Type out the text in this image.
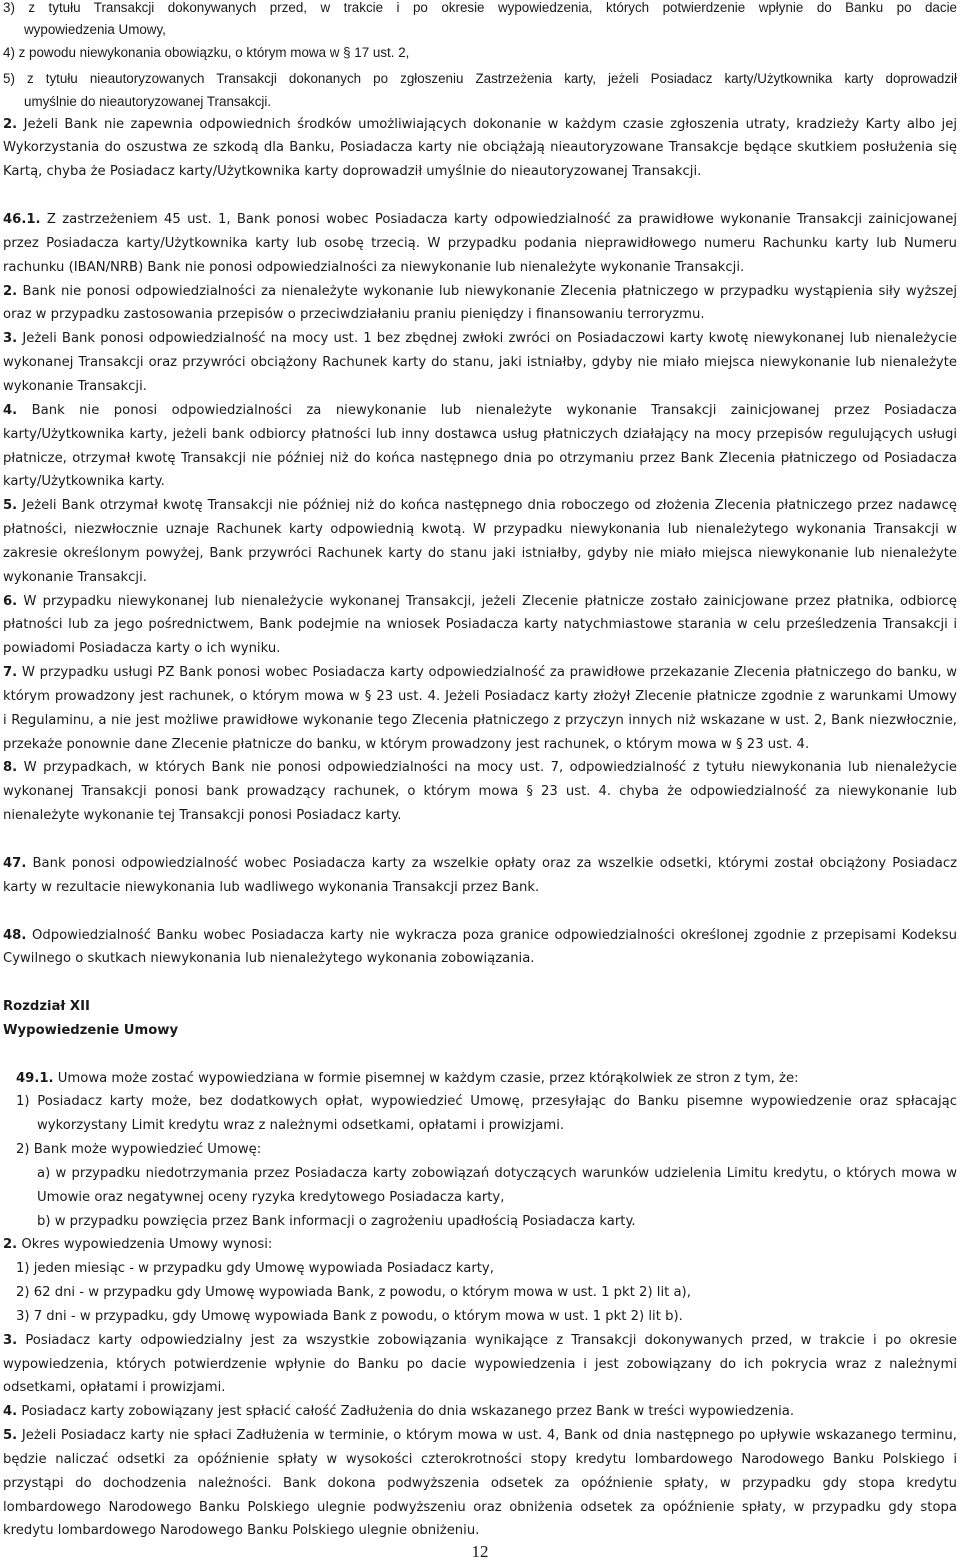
3) z tytułu Transakcji dokonywanych przed, w trakcie i po okresie wypowiedzenia, których potwierdzenie wpłynie do Banku po dacie
wypowiedzenia Umowy,
4) z powodu niewykonania obowiązku, o którym mowa w § 17 ust. 2,
5) z tytułu nieautoryzowanych Transakcji dokonanych po zgłoszeniu Zastrzeżenia karty, jeżeli Posiadacz karty/Użytkownika karty doprowadził
umyślnie do nieautoryzowanej Transakcji.
2. Jeżeli Bank nie zapewnia odpowiednich środków umożliwiających dokonanie w każdym czasie zgłoszenia utraty, kradzieży Karty albo jej
Wykorzystania do oszustwa ze szkodą dla Banku, Posiadacza karty nie obciążają nieautoryzowane Transakcje będące skutkiem posłużenia się
Kartą, chyba że Posiadacz karty/Użytkownika karty doprowadził umyślnie do nieautoryzowanej Transakcji.
46.1. Z zastrzeżeniem 45 ust. 1, Bank ponosi wobec Posiadacza karty odpowiedzialność za prawidłowe wykonanie Transakcji zainicjowanej
przez Posiadacza karty/Użytkownika karty lub osobę trzecią. W przypadku podania nieprawidłowego numeru Rachunku karty lub Numeru
rachunku (IBAN/NRB) Bank nie ponosi odpowiedzialności za niewykonanie lub nienależyte wykonanie Transakcji.
2. Bank nie ponosi odpowiedzialności za nienależyte wykonanie lub niewykonanie Zlecenia płatniczego w przypadku wystąpienia siły wyższej
oraz w przypadku zastosowania przepisów o przeciwdziałaniu praniu pieniędzy i finansowaniu terroryzmu.
3. Jeżeli Bank ponosi odpowiedzialność na mocy ust. 1 bez zbędnej zwłoki zwróci on Posiadaczowi karty kwotę niewykonanej lub nienależycie
wykonanej Transakcji oraz przywróci obciążony Rachunek karty do stanu, jaki istniałby, gdyby nie miało miejsca niewykonanie lub nienależyte
wykonanie Transakcji.
4. Bank nie ponosi odpowiedzialności za niewykonanie lub nienależyte wykonanie Transakcji zainicjowanej przez Posiadacza
karty/Użytkownika karty, jeżeli bank odbiorcy płatności lub inny dostawca usług płatniczych działający na mocy przepisów regulujących usługi
płatnicze, otrzymał kwotę Transakcji nie później niż do końca następnego dnia po otrzymaniu przez Bank Zlecenia płatniczego od Posiadacza
karty/Użytkownika karty.
5. Jeżeli Bank otrzymał kwotę Transakcji nie później niż do końca następnego dnia roboczego od złożenia Zlecenia płatniczego przez nadawcę
płatności, niezwłocznie uznaje Rachunek karty odpowiednią kwotą. W przypadku niewykonania lub nienależytego wykonania Transakcji w
zakresie określonym powyżej, Bank przywróci Rachunek karty do stanu jaki istniałby, gdyby nie miało miejsca niewykonanie lub nienależyte
wykonanie Transakcji.
6. W przypadku niewykonanej lub nienależycie wykonanej Transakcji, jeżeli Zlecenie płatnicze zostało zainicjowane przez płatnika, odbiorcę
płatności lub za jego pośrednictwem, Bank podejmie na wniosek Posiadacza karty natychmiastowe starania w celu prześledzenia Transakcji i
powiadomi Posiadacza karty o ich wyniku.
7. W przypadku usługi PZ Bank ponosi wobec Posiadacza karty odpowiedzialność za prawidłowe przekazanie Zlecenia płatniczego do banku, w
którym prowadzony jest rachunek, o którym mowa w § 23 ust. 4. Jeżeli Posiadacz karty złożył Zlecenie płatnicze zgodnie z warunkami Umowy
i Regulaminu, a nie jest możliwe prawidłowe wykonanie tego Zlecenia płatniczego z przyczyn innych niż wskazane w ust. 2, Bank niezwłocznie,
przekaże ponownie dane Zlecenie płatnicze do banku, w którym prowadzony jest rachunek, o którym mowa w § 23 ust. 4.
8. W przypadkach, w których Bank nie ponosi odpowiedzialności na mocy ust. 7, odpowiedzialność z tytułu niewykonania lub nienależycie
wykonanej Transakcji ponosi bank prowadzący rachunek, o którym mowa § 23 ust. 4. chyba że odpowiedzialność za niewykonanie lub
nienależyte wykonanie tej Transakcji ponosi Posiadacz karty.
47. Bank ponosi odpowiedzialność wobec Posiadacza karty za wszelkie opłaty oraz za wszelkie odsetki, którymi został obciążony Posiadacz
karty w rezultacie niewykonania lub wadliwego wykonania Transakcji przez Bank.
48. Odpowiedzialność Banku wobec Posiadacza karty nie wykracza poza granice odpowiedzialności określonej zgodnie z przepisami Kodeksu
Cywilnego o skutkach niewykonania lub nienależytego wykonania zobowiązania.
Rozdział XII
Wypowiedzenie Umowy
49.1. Umowa może zostać wypowiedziana w formie pisemnej w każdym czasie, przez którąkolwiek ze stron z tym, że:
1) Posiadacz karty może, bez dodatkowych opłat, wypowiedzieć Umowę, przesyłając do Banku pisemne wypowiedzenie oraz spłacając
wykorzystany Limit kredytu wraz z należnymi odsetkami, opłatami i prowizjami.
2) Bank może wypowiedzieć Umowę:
a) w przypadku niedotrzymania przez Posiadacza karty zobowiązań dotyczących warunków udzielenia Limitu kredytu, o których mowa w
Umowie oraz negatywnej oceny ryzyka kredytowego Posiadacza karty,
b) w przypadku powzięcia przez Bank informacji o zagrożeniu upadłością Posiadacza karty.
2. Okres wypowiedzenia Umowy wynosi:
1) jeden miesiąc - w przypadku gdy Umowę wypowiada Posiadacz karty,
2) 62 dni - w przypadku gdy Umowę wypowiada Bank, z powodu, o którym mowa w ust. 1 pkt 2) lit a),
3) 7 dni - w przypadku, gdy Umowę wypowiada Bank z powodu, o którym mowa w ust. 1 pkt 2) lit b).
3. Posiadacz karty odpowiedzialny jest za wszystkie zobowiązania wynikające z Transakcji dokonywanych przed, w trakcie i po okresie
wypowiedzenia, których potwierdzenie wpłynie do Banku po dacie wypowiedzenia i jest zobowiązany do ich pokrycia wraz z należnymi
odsetkami, opłatami i prowizjami.
4. Posiadacz karty zobowiązany jest spłacić całość Zadłużenia do dnia wskazanego przez Bank w treści wypowiedzenia.
5. Jeżeli Posiadacz karty nie spłaci Zadłużenia w terminie, o którym mowa w ust. 4, Bank od dnia następnego po upływie wskazanego terminu,
będzie naliczać odsetki za opóźnienie spłaty w wysokości czterokrotności stopy kredytu lombardowego Narodowego Banku Polskiego i
przystąpi do dochodzenia należności. Bank dokona podwyższenia odsetek za opóźnienie spłaty, w przypadku gdy stopa kredytu
lombardowego Narodowego Banku Polskiego ulegnie podwyższeniu oraz obniżenia odsetek za opóźnienie spłaty, w przypadku gdy stopa
kredytu lombardowego Narodowego Banku Polskiego ulegnie obniżeniu.
12
